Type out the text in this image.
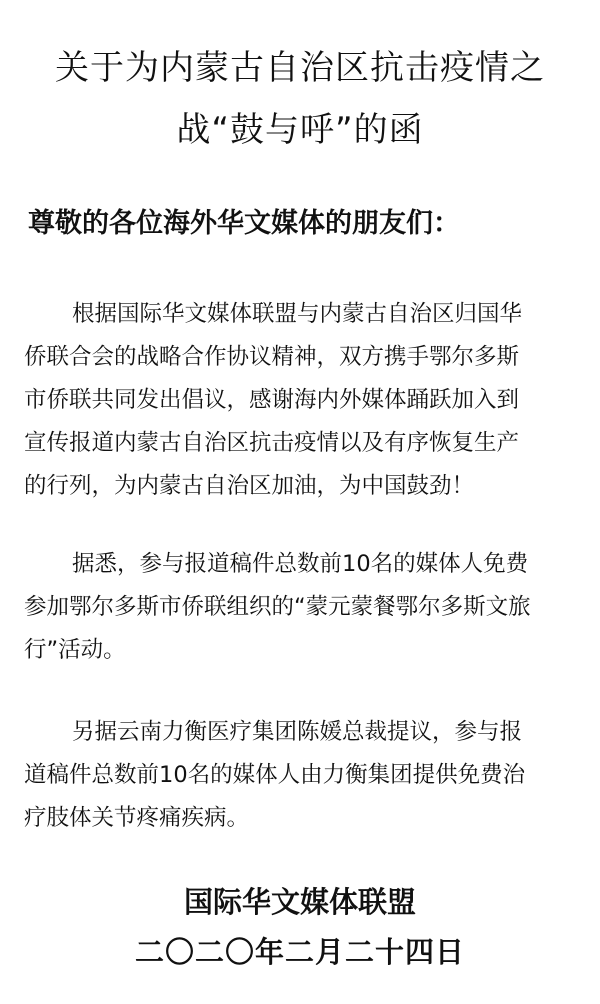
关于为内蒙古自治区抗击疫情之
战“鼓与呼”的函

尊敬的各位海外华文媒体的朋友们：

根据国际华文媒体联盟与内蒙古自治区归国华
侨联合会的战略合作协议精神，双方携手鄂尔多斯
市侨联共同发出倡议，感谢海内外媒体踊跃加入到
宣传报道内蒙古自治区抗击疫情以及有序恢复生产
的行列，为内蒙古自治区加油，为中国鼓劲！
据悉，参与报道稿件总数前10名的媒体人免费
参加鄂尔多斯市侨联组织的“蒙元蒙餐鄂尔多斯文旅
行”活动。
另据云南力衡医疗集团陈媛总裁提议，参与报
道稿件总数前10名的媒体人由力衡集团提供免费治
疗肢体关节疼痛疾病。

国际华文媒体联盟

二〇二〇年二月二十四日
